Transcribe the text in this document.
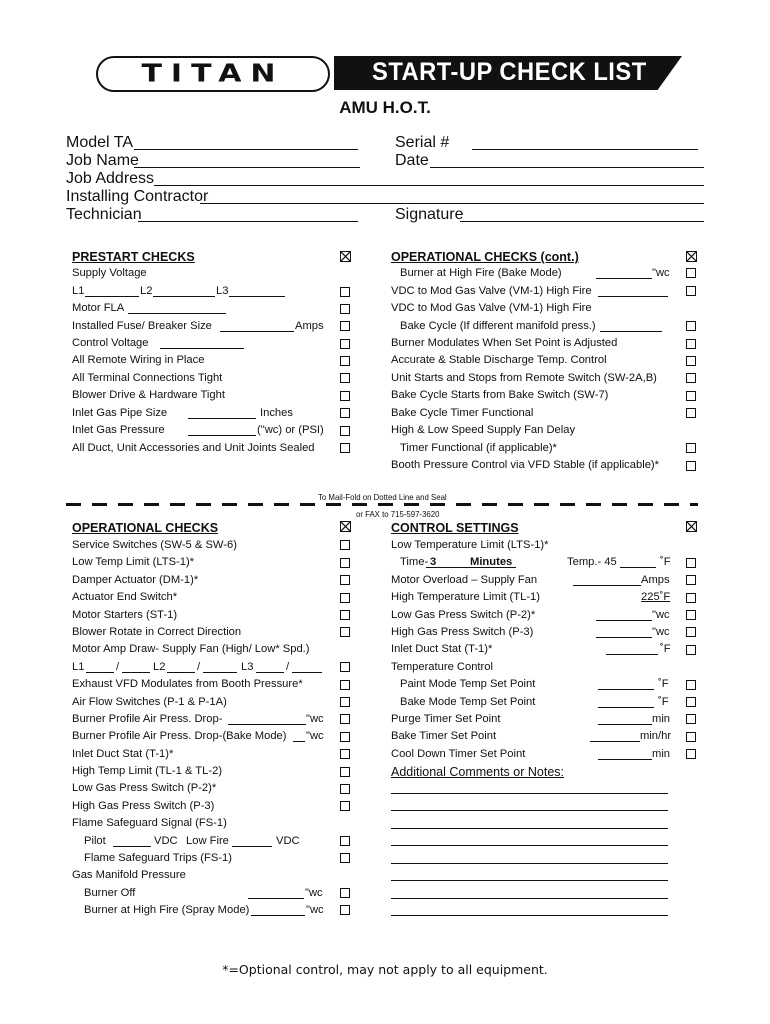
TITAN	START-UP CHECK LIST
AMU H.O.T.
Model TA	Serial #
Job Name	Date
Job Address
Installing Contractor
Technician	Signature
PRESTART CHECKS
Supply Voltage
L1	L2	L3
Motor FLA
Installed Fuse/ Breaker Size	Amps
Control Voltage
All Remote Wiring in Place
All Terminal Connections Tight
Blower Drive & Hardware Tight
Inlet Gas Pipe Size	Inches
Inlet Gas Pressure	("wc) or (PSI)
All Duct, Unit Accessories and Unit Joints Sealed
OPERATIONAL CHECKS (cont.)
Burner at High Fire (Bake Mode)	"wc
VDC to Mod Gas Valve (VM-1) High Fire
VDC to Mod Gas Valve (VM-1) High Fire
Bake Cycle (If different manifold press.)
Burner Modulates When Set Point is Adjusted
Accurate & Stable Discharge Temp. Control
Unit Starts and Stops from Remote Switch (SW-2A,B)
Bake Cycle Starts from Bake Switch (SW-7)
Bake Cycle Timer Functional
High & Low Speed Supply Fan Delay
Timer Functional (if applicable)*
Booth Pressure Control via VFD Stable (if applicable)*
To Mail-Fold on Dotted Line and Seal
or FAX to 715-597-3620
OPERATIONAL CHECKS
Service Switches (SW-5 & SW-6)
Low Temp Limit (LTS-1)*
Damper Actuator (DM-1)*
Actuator End Switch*
Motor Starters (ST-1)
Blower Rotate in Correct Direction
Motor Amp Draw- Supply Fan (High/ Low* Spd.)
L1	/	L2	/	L3	/
Exhaust VFD Modulates from Booth Pressure*
Air Flow Switches (P-1 & P-1A)
Burner Profile Air Press. Drop-	"wc
Burner Profile Air Press. Drop-(Bake Mode) "wc
Inlet Duct Stat (T-1)*
High Temp Limit (TL-1 & TL-2)
Low Gas Press Switch (P-2)*
High Gas Press Switch (P-3)
Flame Safeguard Signal (FS-1)
Pilot	VDC Low Fire	VDC
Flame Safeguard Trips (FS-1)
Gas Manifold Pressure
Burner Off	"wc
Burner at High Fire (Spray Mode)	"wc
CONTROL SETTINGS
Low Temperature Limit (LTS-1)*
Time- 3	Minutes	Temp.- 45	˚F
Motor Overload – Supply Fan	Amps
High Temperature Limit (TL-1)	225˚F
Low Gas Press Switch (P-2)*	"wc
High Gas Press Switch (P-3)	"wc
Inlet Duct Stat (T-1)*	˚F
Temperature Control
Paint Mode Temp Set Point	˚F
Bake Mode Temp Set Point	˚F
Purge Timer Set Point	min
Bake Timer Set Point	min/hr
Cool Down Timer Set Point	min
Additional Comments or Notes:
*=Optional control, may not apply to all equipment.
